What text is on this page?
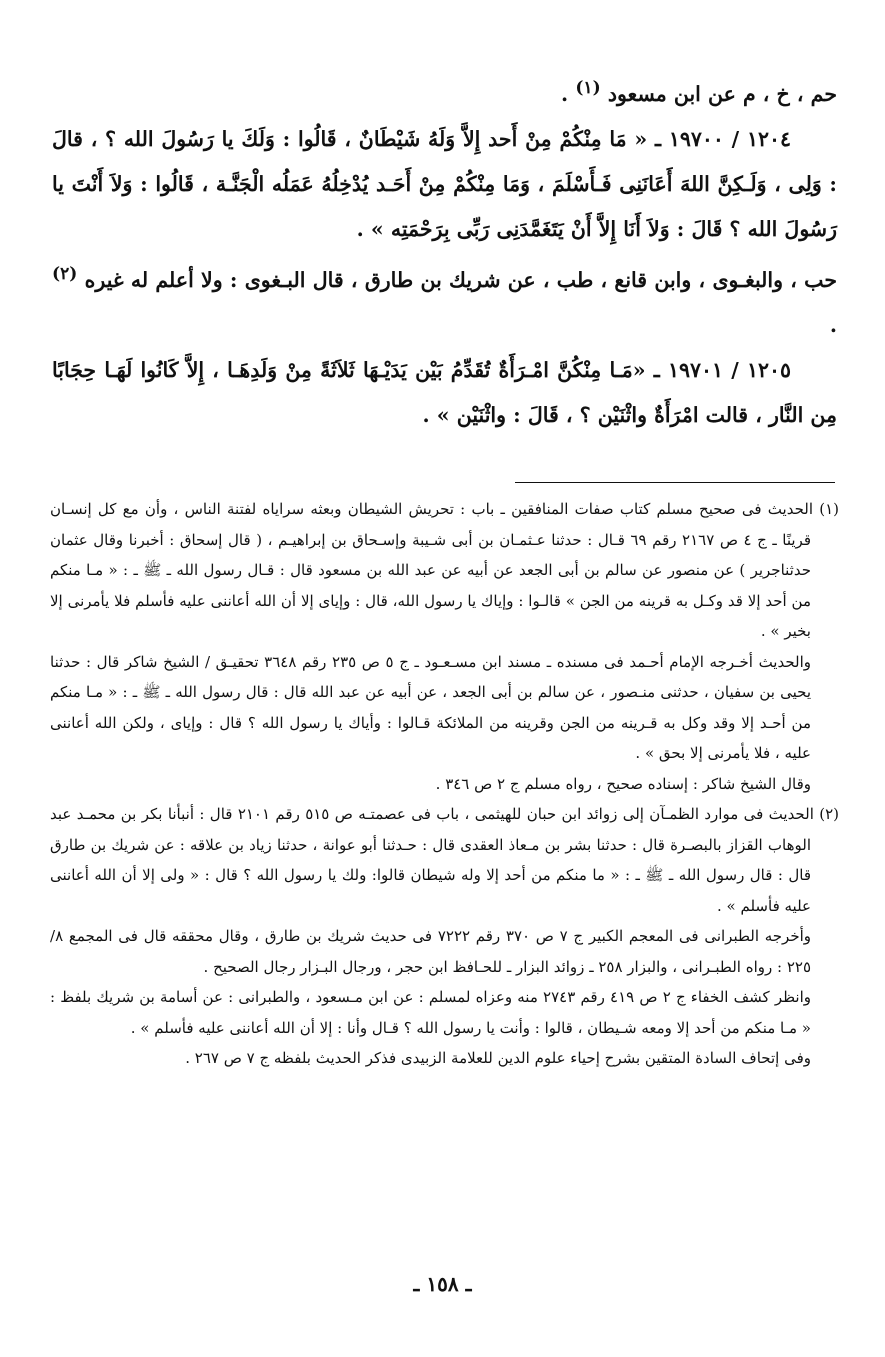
حم ، خ ، م عن ابن مسعود $^{(١)}$ .

١٢٠٤ / ١٩٧٠٠ ـ « مَا مِنْكُمْ مِنْ أَحد إِلاَّ وَلَهُ شَيْطَانٌ ، قَالُوا : وَلَكَ يا رَسُولَ الله ؟ ، قالَ : وَلِى ، وَلَـكِنَّ اللهَ أَعَانَنِى فَـأَسْلَمَ ، وَمَا مِنْكُمْ مِنْ أَحَـد يُدْخِلُهُ عَمَلُه الْجَنَّـة ، قَالُوا : وَلاَ أَنْتَ يا رَسُولَ الله ؟ قَالَ : وَلاَ أَنَا إِلاَّ أَنْ يَتَغَمَّدَنِى رَبِّى بِرَحْمَتِه » .

حب ، والبغـوى ، وابن قانع ، طب ، عن شريك بن طارق ، قال البـغوى : ولا أعلم له غيره $^{(٢)}$ .

١٢٠٥ / ١٩٧٠١ ـ «مَـا مِنْكُنَّ امْـرَأَةٌ تُقَدِّمُ بَيْن يَدَيْـهَا ثَلاَثَةً مِنْ وَلَدِهَـا ، إِلاَّ كَانُوا لَهَـا حِجَابًا مِن النَّار ، قالت امْرَأَةٌ واثْنَيْن ؟ ، قَالَ : واثْنَيْن » .

(١) الحديث فى صحيح مسلم كتاب صفات المنافقين ـ باب : تحريش الشيطان وبعثه سراياه لفتنة الناس ، وأن مع كل إنسـان قرينًا ـ ج ٤ ص ٢١٦٧ رقم ٦٩ قـال : حدثنا عـثمـان بن أبى شـيبة وإسـحاق بن إبراهيـم ، ( قال إسحاق : أخبرنا وقال عثمان حدثناجرير ) عن منصور عن سالم بن أبى الجعد عن أبيه عن عبد الله بن مسعود قال : قـال رسول الله ـ ﷺ ـ : « مـا منكم من أحد إلا قد وكـل به قرينه من الجن » قالـوا : وإياك يا رسول الله، قال : وإياى إلا أن الله أعاننى عليه فأسلم فلا يأمرنى إلا بخير » .

والحديث أخـرجه الإمام أحـمد فى مسنده ـ مسند ابن مسـعـود ـ ج ٥ ص ٢٣٥ رقم ٣٦٤٨ تحقيـق / الشيخ شاكر قال : حدثنا يحيى بن سفيان ، حدثنى منـصور ، عن سالم بن أبى الجعد ، عن أبيه عن عبد الله قال : قال رسول الله ـ ﷺ ـ : « مـا منكم من أحـد إلا وقد وكل به قـرينه من الجن وقرينه من الملائكة قـالوا : وأياك يا رسول الله ؟ قال : وإياى ، ولكن الله أعاننى عليه ، فلا يأمرنى إلا بحق » .

وقال الشيخ شاكر : إسناده صحيح ، رواه مسلم ج ٢ ص ٣٤٦ .

(٢) الحديث فى موارد الظمـآن إلى زوائد ابن حبان للهيثمى ، باب فى عصمتـه ص ٥١٥ رقم ٢١٠١ قال : أنبأنا بكر بن محمـد عبد الوهاب القزاز بالبصـرة قال : حدثنا بشر بن مـعاذ العقدى قال : حـدثنا أبو عوانة ، حدثنا زياد بن علاقه : عن شريك بن طارق قال : قال رسول الله ـ ﷺ ـ : « ما منكم من أحد إلا وله شيطان قالوا: ولك يا رسول الله ؟ قال : « ولى إلا أن الله أعاننى عليه فأسلم » .

وأخرجه الطبرانى فى المعجم الكبير ج ٧ ص ٣٧٠ رقم ٧٢٢٢ فى حديث شريك بن طارق ، وقال محققه قال فى المجمع ٨/ ٢٢٥ : رواه الطبـرانى ، والبزار ٢٥٨ ـ زوائد البزار ـ للحـافظ ابن حجر ، ورجال البـزار رجال الصحيح .

وانظر كشف الخفاء ج ٢ ص ٤١٩ رقم ٢٧٤٣ منه وعزاه لمسلم : عن ابن مـسعود ، والطبرانى : عن أسامة بن شريك بلفظ : « مـا منكم من أحد إلا ومعه شـيطان ، قالوا : وأنت يا رسول الله ؟ قـال وأنا : إلا أن الله أعاننى عليه فأسلم » .

وفى إتحاف السادة المتقين بشرح إحياء علوم الدين للعلامة الزبيدى فذكر الحديث بلفظه ج ٧ ص ٢٦٧ .

ـ ١٥٨ ـ
